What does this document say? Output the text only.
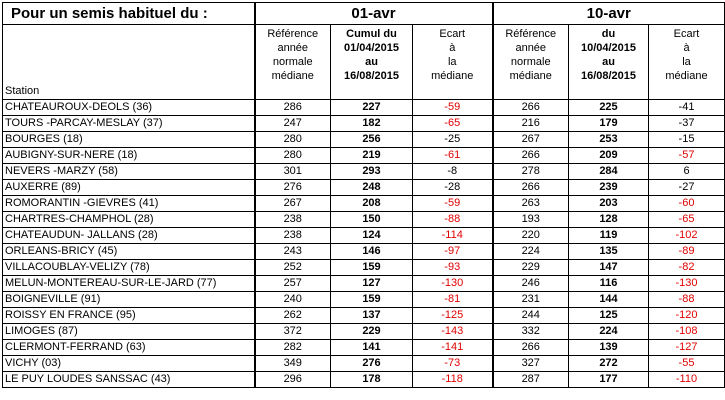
Pour un semis habituel du :	01-avr			10-avr		
Station	Référence
année
normale
médiane	Cumul du
01/04/2015
au
16/08/2015	Ecart
à
la
médiane	Référence
année
normale
médiane	du
10/04/2015
au
16/08/2015	Ecart
à
la
médiane
CHATEAUROUX-DEOLS (36)	286	227	-59	266	225	-41
TOURS -PARCAY-MESLAY (37)	247	182	-65	216	179	-37
BOURGES (18)	280	256	-25	267	253	-15
AUBIGNY-SUR-NERE (18)	280	219	-61	266	209	-57
NEVERS -MARZY (58)	301	293	-8	278	284	6
AUXERRE (89)	276	248	-28	266	239	-27
ROMORANTIN -GIEVRES (41)	267	208	-59	263	203	-60
CHARTRES-CHAMPHOL (28)	238	150	-88	193	128	-65
CHATEAUDUN- JALLANS (28)	238	124	-114	220	119	-102
ORLEANS-BRICY (45)	243	146	-97	224	135	-89
VILLACOUBLAY-VELIZY (78)	252	159	-93	229	147	-82
MELUN-MONTEREAU-SUR-LE-JARD (77)	257	127	-130	246	116	-130
BOIGNEVILLE (91)	240	159	-81	231	144	-88
ROISSY EN FRANCE (95)	262	137	-125	244	125	-120
LIMOGES (87)	372	229	-143	332	224	-108
CLERMONT-FERRAND (63)	282	141	-141	266	139	-127
VICHY (03)	349	276	-73	327	272	-55
LE PUY LOUDES SANSSAC (43)	296	178	-118	287	177	-110
